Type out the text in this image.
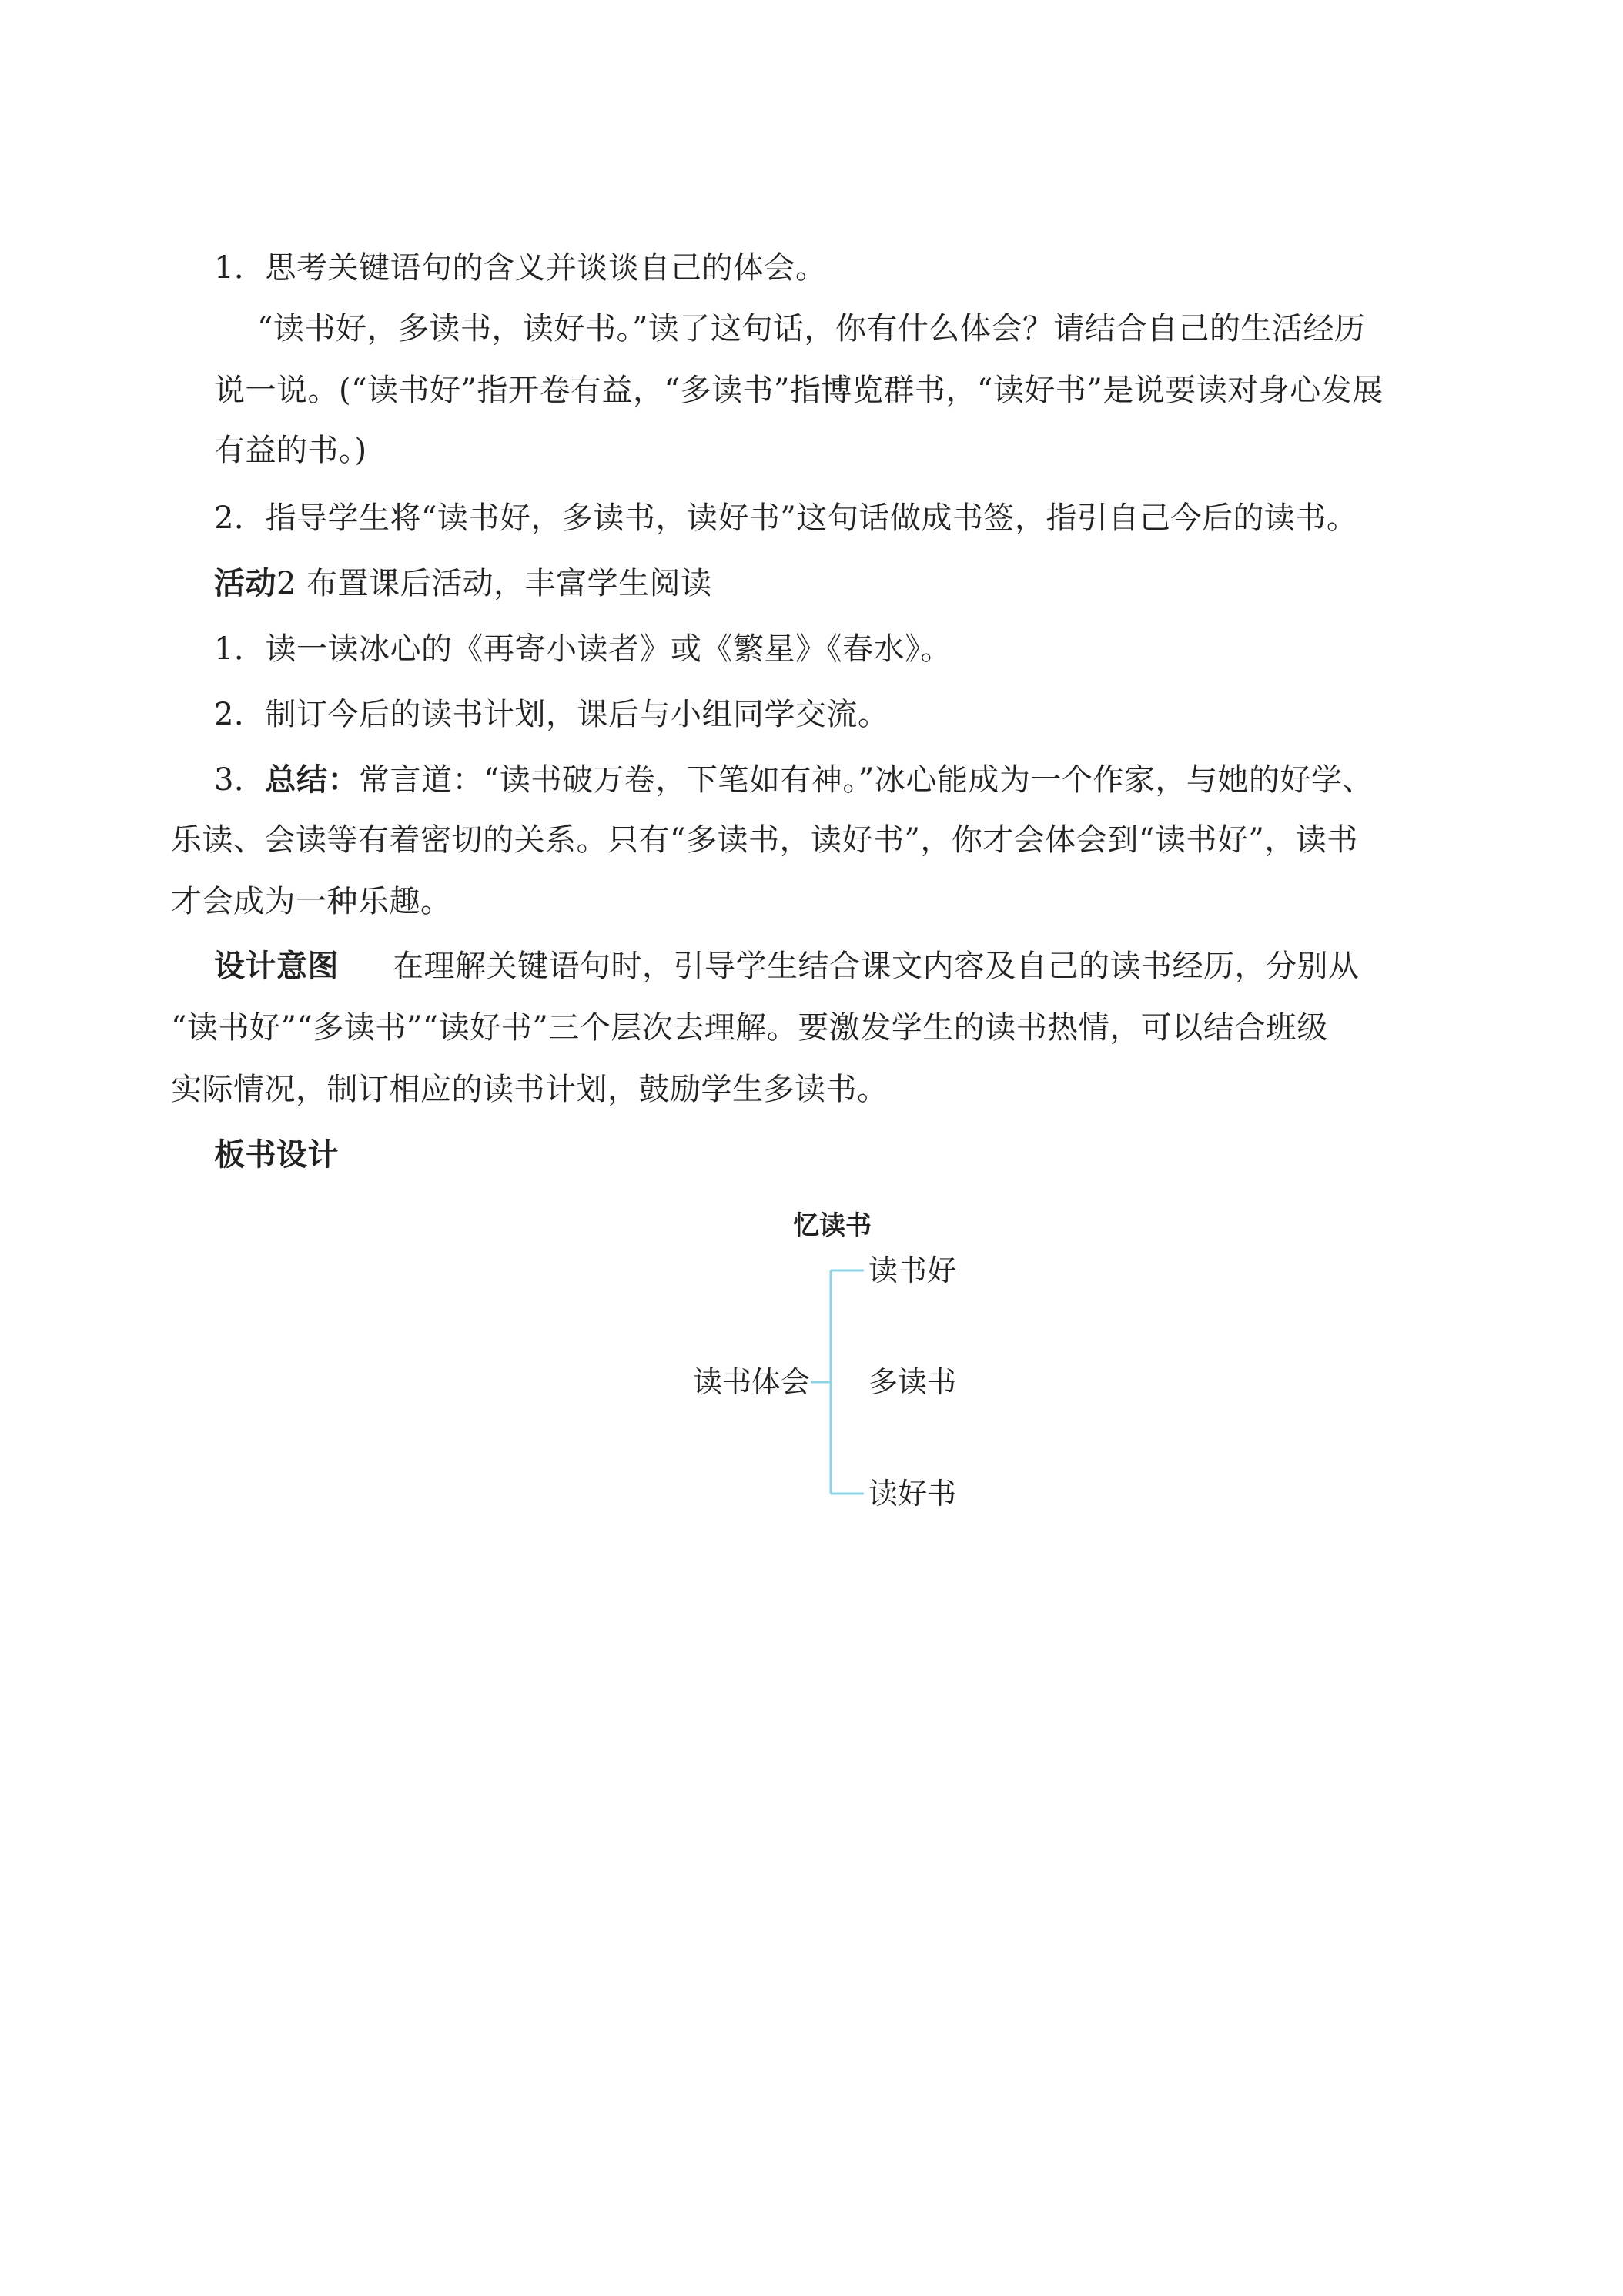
1．思考关键语句的含义并谈谈自己的体会。
“读书好，多读书，读好书。”读了这句话，你有什么体会？请结合自己的生活经历
说一说。(“读书好”指开卷有益，“多读书”指博览群书，“读好书”是说要读对身心发展
有益的书。)
2．指导学生将“读书好，多读书，读好书”这句话做成书签，指引自己今后的读书。
活动2 布置课后活动，丰富学生阅读
1．读一读冰心的《再寄小读者》或《繁星》《春水》。
2．制订今后的读书计划，课后与小组同学交流。
3．总结：常言道：“读书破万卷，下笔如有神。”冰心能成为一个作家，与她的好学、
乐读、会读等有着密切的关系。只有“多读书，读好书”，你才会体会到“读书好”，读书
才会成为一种乐趣。
设计意图 在理解关键语句时，引导学生结合课文内容及自己的读书经历，分别从
“读书好”“多读书”“读好书”三个层次去理解。要激发学生的读书热情，可以结合班级
实际情况，制订相应的读书计划，鼓励学生多读书。
板书设计
忆读书
读书体会
读书好
多读书
读好书
